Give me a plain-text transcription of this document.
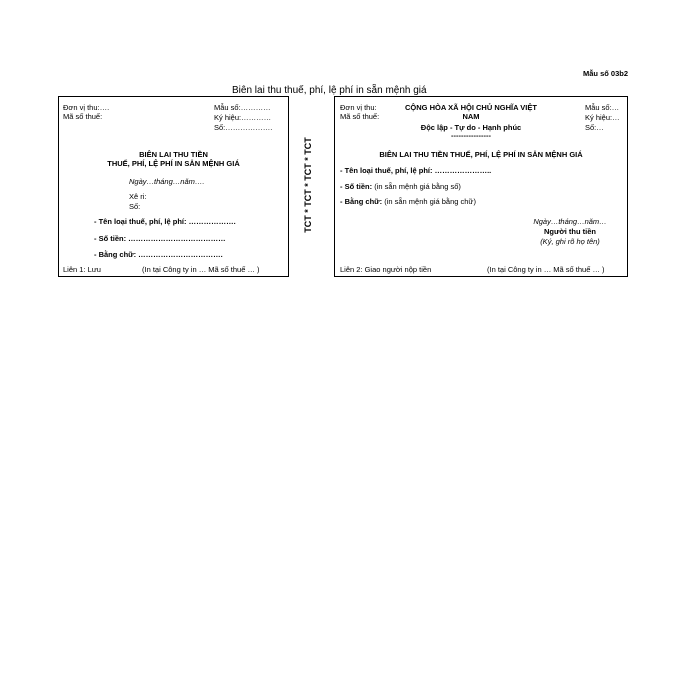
Mẫu số 03b2
Biên lai thu thuế, phí, lệ phí in sẵn mệnh giá
Đơn vị thu:….
Mã số thuế:
Mẫu số:…………
Ký hiệu:…………
Số:……………….
BIÊN LAI THU TIỀN
THUẾ, PHÍ, LỆ PHÍ IN SẴN MỆNH GIÁ
Ngày…tháng…năm….
Xê ri:
Số:
- Tên loại thuế, phí, lệ phí: ……………….
- Số tiền: …………………………………
- Bằng chữ: …………………………….
Liên 1: Lưu	(In tại Công ty in … Mã số thuế … )
TCT * TCT * TCT * TCT
Đơn vị thu:
Mã số thuế:
CỘNG HÒA XÃ HỘI CHỦ NGHĨA VIỆT
NAM
Độc lập - Tự do - Hạnh phúc
----------------
Mẫu số:…
Ký hiệu:…
Số:…
BIÊN LAI THU TIỀN THUẾ, PHÍ, LỆ PHÍ IN SẴN MỆNH GIÁ
- Tên loại thuế, phí, lệ phí: …………………..
- Số tiền: (in sẵn mệnh giá bằng số)
- Bằng chữ: (in sẵn mệnh giá bằng chữ)
Ngày…tháng…năm…
Người thu tiền
(Ký, ghi rõ họ tên)
Liên 2: Giao người nộp tiền	(In tại Công ty in … Mã số thuế … )
